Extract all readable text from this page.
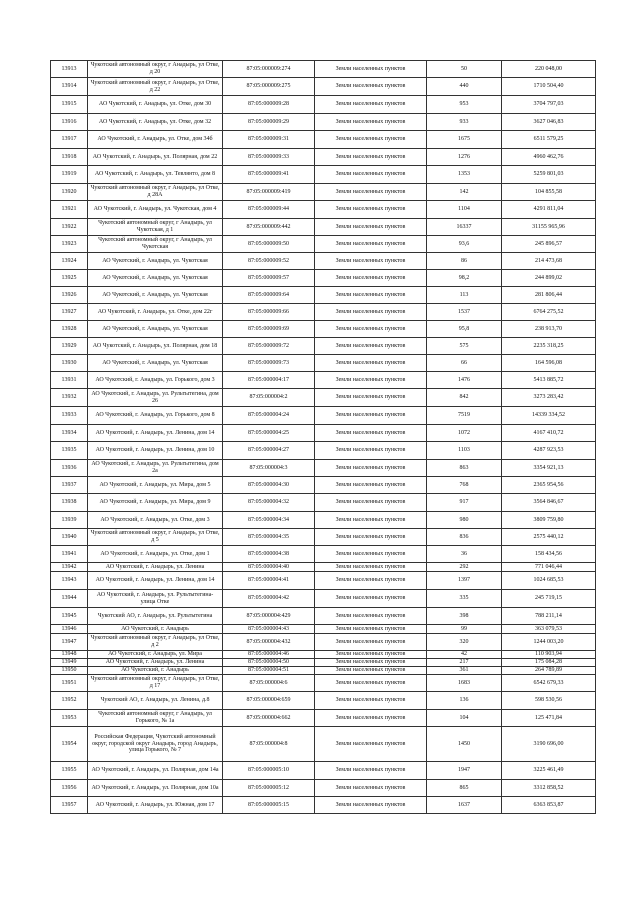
13913	Чукотский автономный округ, г Анадырь, ул Отке, д 20	87:05:000009:274	Земли населенных пунктов	50	220 048,00
13914	Чукотский автономный округ, г Анадырь, ул Отке, д 22	87:05:000009:275	Земли населенных пунктов	440	1710 504,40
13915	АО Чукотский, г. Анадырь, ул. Отке, дом 30	87:05:000009:28	Земли населенных пунктов	953	3704 797,03
13916	АО Чукотский, г. Анадырь, ул. Отке, дом 32	87:05:000009:29	Земли населенных пунктов	933	3627 046,83
13917	АО Чукотский, г. Анадырь, ул. Отке, дом 34б	87:05:000009:31	Земли населенных пунктов	1675	6511 579,25
13918	АО Чукотский, г. Анадырь, ул. Полярная, дом 22	87:05:000009:33	Земли населенных пунктов	1276	4960 462,76
13919	АО Чукотский, г. Анадырь, ул. Тевлянто, дом 8	87:05:000009:41	Земли населенных пунктов	1353	5259 801,03
13920	Чукотский автономный округ, г Анадырь, ул Отке, д 28А	87:05:000009:419	Земли населенных пунктов	142	104 855,58
13921	АО Чукотский, г. Анадырь, ул. Чукотская, дом 4	87:05:000009:44	Земли населенных пунктов	1104	4291 811,04
13922	Чукотский автономный округ, г Анадырь, ул Чукотская, д 1	87:05:000009:442	Земли населенных пунктов	16337	31155 965,96
13923	Чукотский автономный округ, г Анадырь, ул Чукотская	87:05:000009:50	Земли населенных пунктов	93,6	245 896,57
13924	АО Чукотский, г. Анадырь, ул. Чукотская	87:05:000009:52	Земли населенных пунктов	86	214 473,68
13925	АО Чукотский, г. Анадырь, ул. Чукотская	87:05:000009:57	Земли населенных пунктов	98,2	244 899,02
13926	АО Чукотский, г. Анадырь, ул. Чукотская	87:05:000009:64	Земли населенных пунктов	113	281 806,44
13927	АО Чукотский, г. Анадырь, ул. Отке, дом 22г	87:05:000009:66	Земли населенных пунктов	1537	6764 275,52
13928	АО Чукотский, г. Анадырь, ул. Чукотская	87:05:000009:69	Земли населенных пунктов	95,8	238 913,70
13929	АО Чукотский, г. Анадырь, ул. Полярная, дом 18	87:05:000009:72	Земли населенных пунктов	575	2235 318,25
13930	АО Чукотский, г. Анадырь, ул. Чукотская	87:05:000009:73	Земли населенных пунктов	66	164 596,08
13931	АО Чукотский, г. Анадырь, ул. Горького, дом 3	87:05:000004:17	Земли населенных пунктов	1476	5413 885,72
13932	АО Чукотский, г. Анадырь, ул. Рультытегина, дом 26	87:05:000004:2	Земли населенных пунктов	842	3273 283,42
13933	АО Чукотский, г. Анадырь, ул. Горького, дом 8	87:05:000004:24	Земли населенных пунктов	7519	14339 334,52
13934	АО Чукотский, г. Анадырь, ул. Ленина, дом 14	87:05:000004:25	Земли населенных пунктов	1072	4167 410,72
13935	АО Чукотский, г. Анадырь, ул. Ленина, дом 10	87:05:000004:27	Земли населенных пунктов	1103	4287 923,53
13936	АО Чукотский, г. Анадырь, ул. Рультытегина, дом 2а	87:05:000004:3	Земли населенных пунктов	863	3354 921,13
13937	АО Чукотский, г. Анадырь, ул. Мира, дом 5	87:05:000004:30	Земли населенных пунктов	768	2365 954,56
13938	АО Чукотский, г. Анадырь, ул. Мира, дом 9	87:05:000004:32	Земли населенных пунктов	917	3564 846,67
13939	АО Чукотский, г. Анадырь, ул. Отке, дом 3	87:05:000004:34	Земли населенных пунктов	980	3809 759,80
13940	Чукотский автономный округ, г Анадырь, ул Отке, д 5	87:05:000004:35	Земли населенных пунктов	836	2575 440,12
13941	АО Чукотский, г. Анадырь, ул. Отке, дом 1	87:05:000004:38	Земли населенных пунктов	36	158 434,56
13942	АО Чукотский, г. Анадырь, ул. Ленина	87:05:000004:40	Земли населенных пунктов	292	771 046,44
13943	АО Чукотский, г. Анадырь, ул. Ленина, дом 14	87:05:000004:41	Земли населенных пунктов	1397	1024 685,53
13944	АО Чукотский, г. Анадырь, ул. Рультытегина-улица Отке	87:05:000004:42	Земли населенных пунктов	335	245 719,15
13945	Чукотский АО, г. Анадырь, ул. Рультытегина	87:05:000004:429	Земли населенных пунктов	398	788 211,14
13946	АО Чукотский, г. Анадырь	87:05:000004:43	Земли населенных пунктов	99	363 079,53
13947	Чукотский автономный округ, г Анадырь, ул Отке, д 2	87:05:000004:432	Земли населенных пунктов	320	1244 003,20
13948	АО Чукотский, г. Анадырь, ул. Мира	87:05:000004:46	Земли населенных пунктов	42	110 903,94
13949	АО Чукотский, г. Анадырь, ул. Ленина	87:05:000004:50	Земли населенных пунктов	217	175 084,28
13950	АО Чукотский, г. Анадырь	87:05:000004:51	Земли населенных пунктов	361	264 789,89
13951	Чукотский автономный округ, г Анадырь, ул Отке, д 17	87:05:000004:6	Земли населенных пунктов	1683	6542 679,33
13952	Чукотский АО, г. Анадырь, ул. Ленина, д.8	87:05:000004:659	Земли населенных пунктов	136	598 530,56
13953	Чукотский автономный округ, г Анадырь, ул Горького, № 1а	87:05:000004:662	Земли населенных пунктов	104	125 471,84
13954	Российская Федерация, Чукотский автономный округ, городской округ Анадырь, город Анадырь, улица Горького, № 7	87:05:000004:8	Земли населенных пунктов	1450	3190 696,00
13955	АО Чукотский, г. Анадырь, ул. Полярная, дом 14а	87:05:000005:10	Земли населенных пунктов	1947	3225 461,49
13956	АО Чукотский, г. Анадырь, ул. Полярная, дом 10а	87:05:000005:12	Земли населенных пунктов	865	3312 858,52
13957	АО Чукотский, г. Анадырь, ул. Южная, дом 17	87:05:000005:15	Земли населенных пунктов	1637	6363 853,87
